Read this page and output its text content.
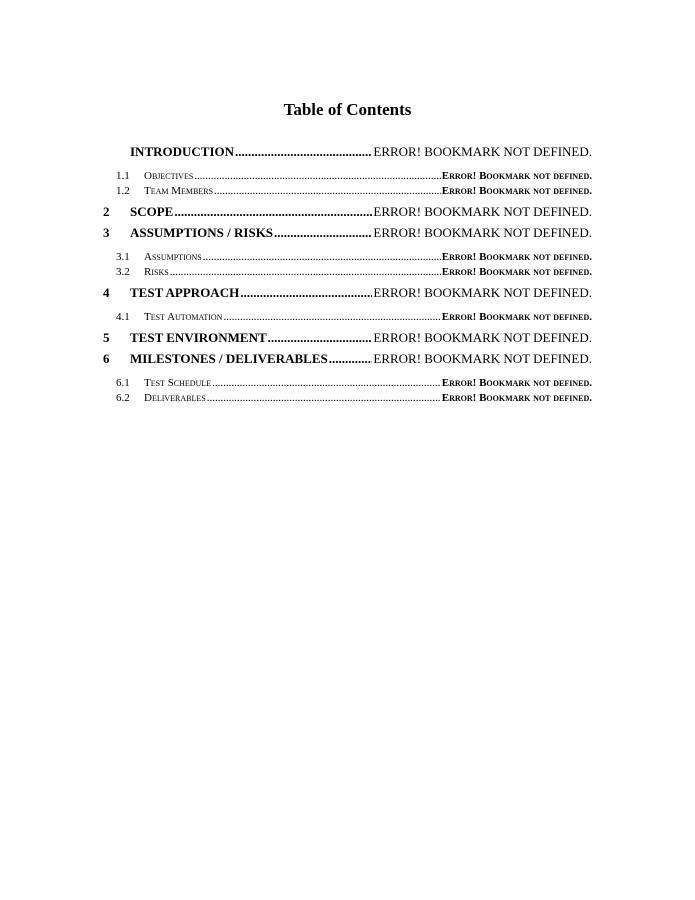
Table of Contents
INTRODUCTION .....	ERROR! BOOKMARK NOT DEFINED.
1.1	Objectives .....	Error! Bookmark not defined.
1.2	Team Members .....	Error! Bookmark not defined.
2	SCOPE .....	ERROR! BOOKMARK NOT DEFINED.
3	ASSUMPTIONS / RISKS .....	ERROR! BOOKMARK NOT DEFINED.
3.1	Assumptions .....	Error! Bookmark not defined.
3.2	Risks .....	Error! Bookmark not defined.
4	TEST APPROACH .....	ERROR! BOOKMARK NOT DEFINED.
4.1	Test Automation .....	Error! Bookmark not defined.
5	TEST ENVIRONMENT .....	ERROR! BOOKMARK NOT DEFINED.
6	MILESTONES / DELIVERABLES .....	ERROR! BOOKMARK NOT DEFINED.
6.1	Test Schedule .....	Error! Bookmark not defined.
6.2	Deliverables .....	Error! Bookmark not defined.
